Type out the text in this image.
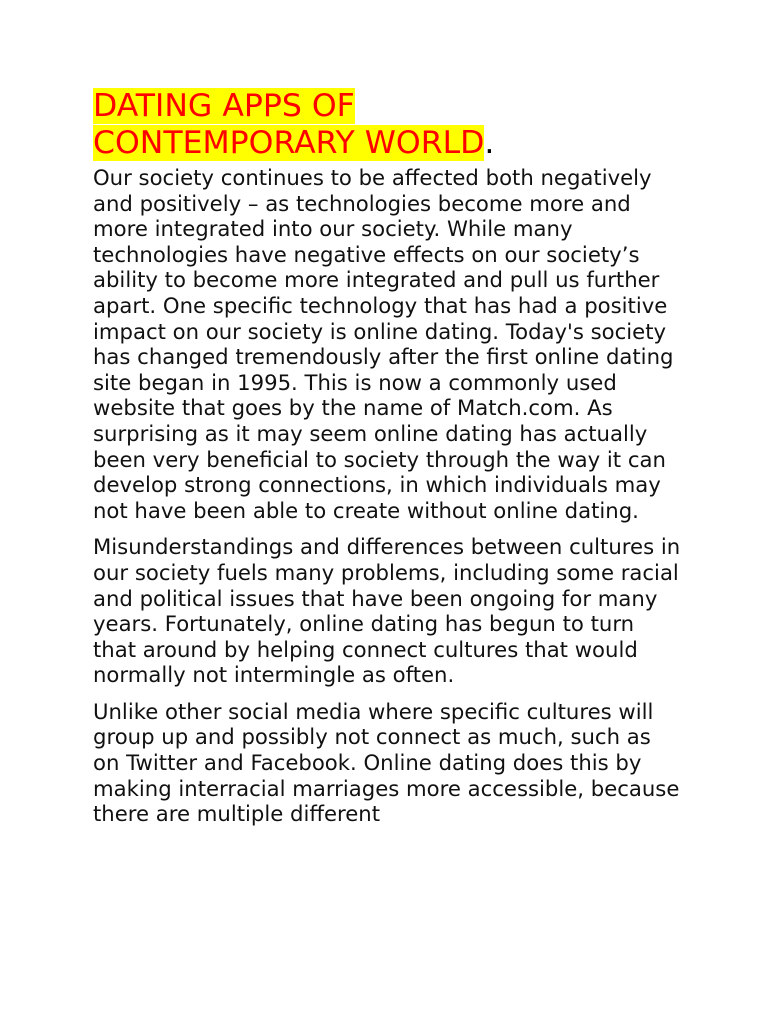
DATING APPS OF
CONTEMPORARY WORLD.

Our society continues to be affected both negatively and positively – as technologies become more and more integrated into our society. While many technologies have negative effects on our society’s ability to become more integrated and pull us further apart. One specific technology that has had a positive impact on our society is online dating. Today's society has changed tremendously after the first online dating site began in 1995. This is now a commonly used website that goes by the name of Match.com. As surprising as it may seem online dating has actually been very beneficial to society through the way it can develop strong connections, in which individuals may not have been able to create without online dating.

Misunderstandings and differences between cultures in our society fuels many problems, including some racial and political issues that have been ongoing for many years. Fortunately, online dating has begun to turn that around by helping connect cultures that would normally not intermingle as often.

Unlike other social media where specific cultures will group up and possibly not connect as much, such as on Twitter and Facebook. Online dating does this by making interracial marriages more accessible, because there are multiple different
